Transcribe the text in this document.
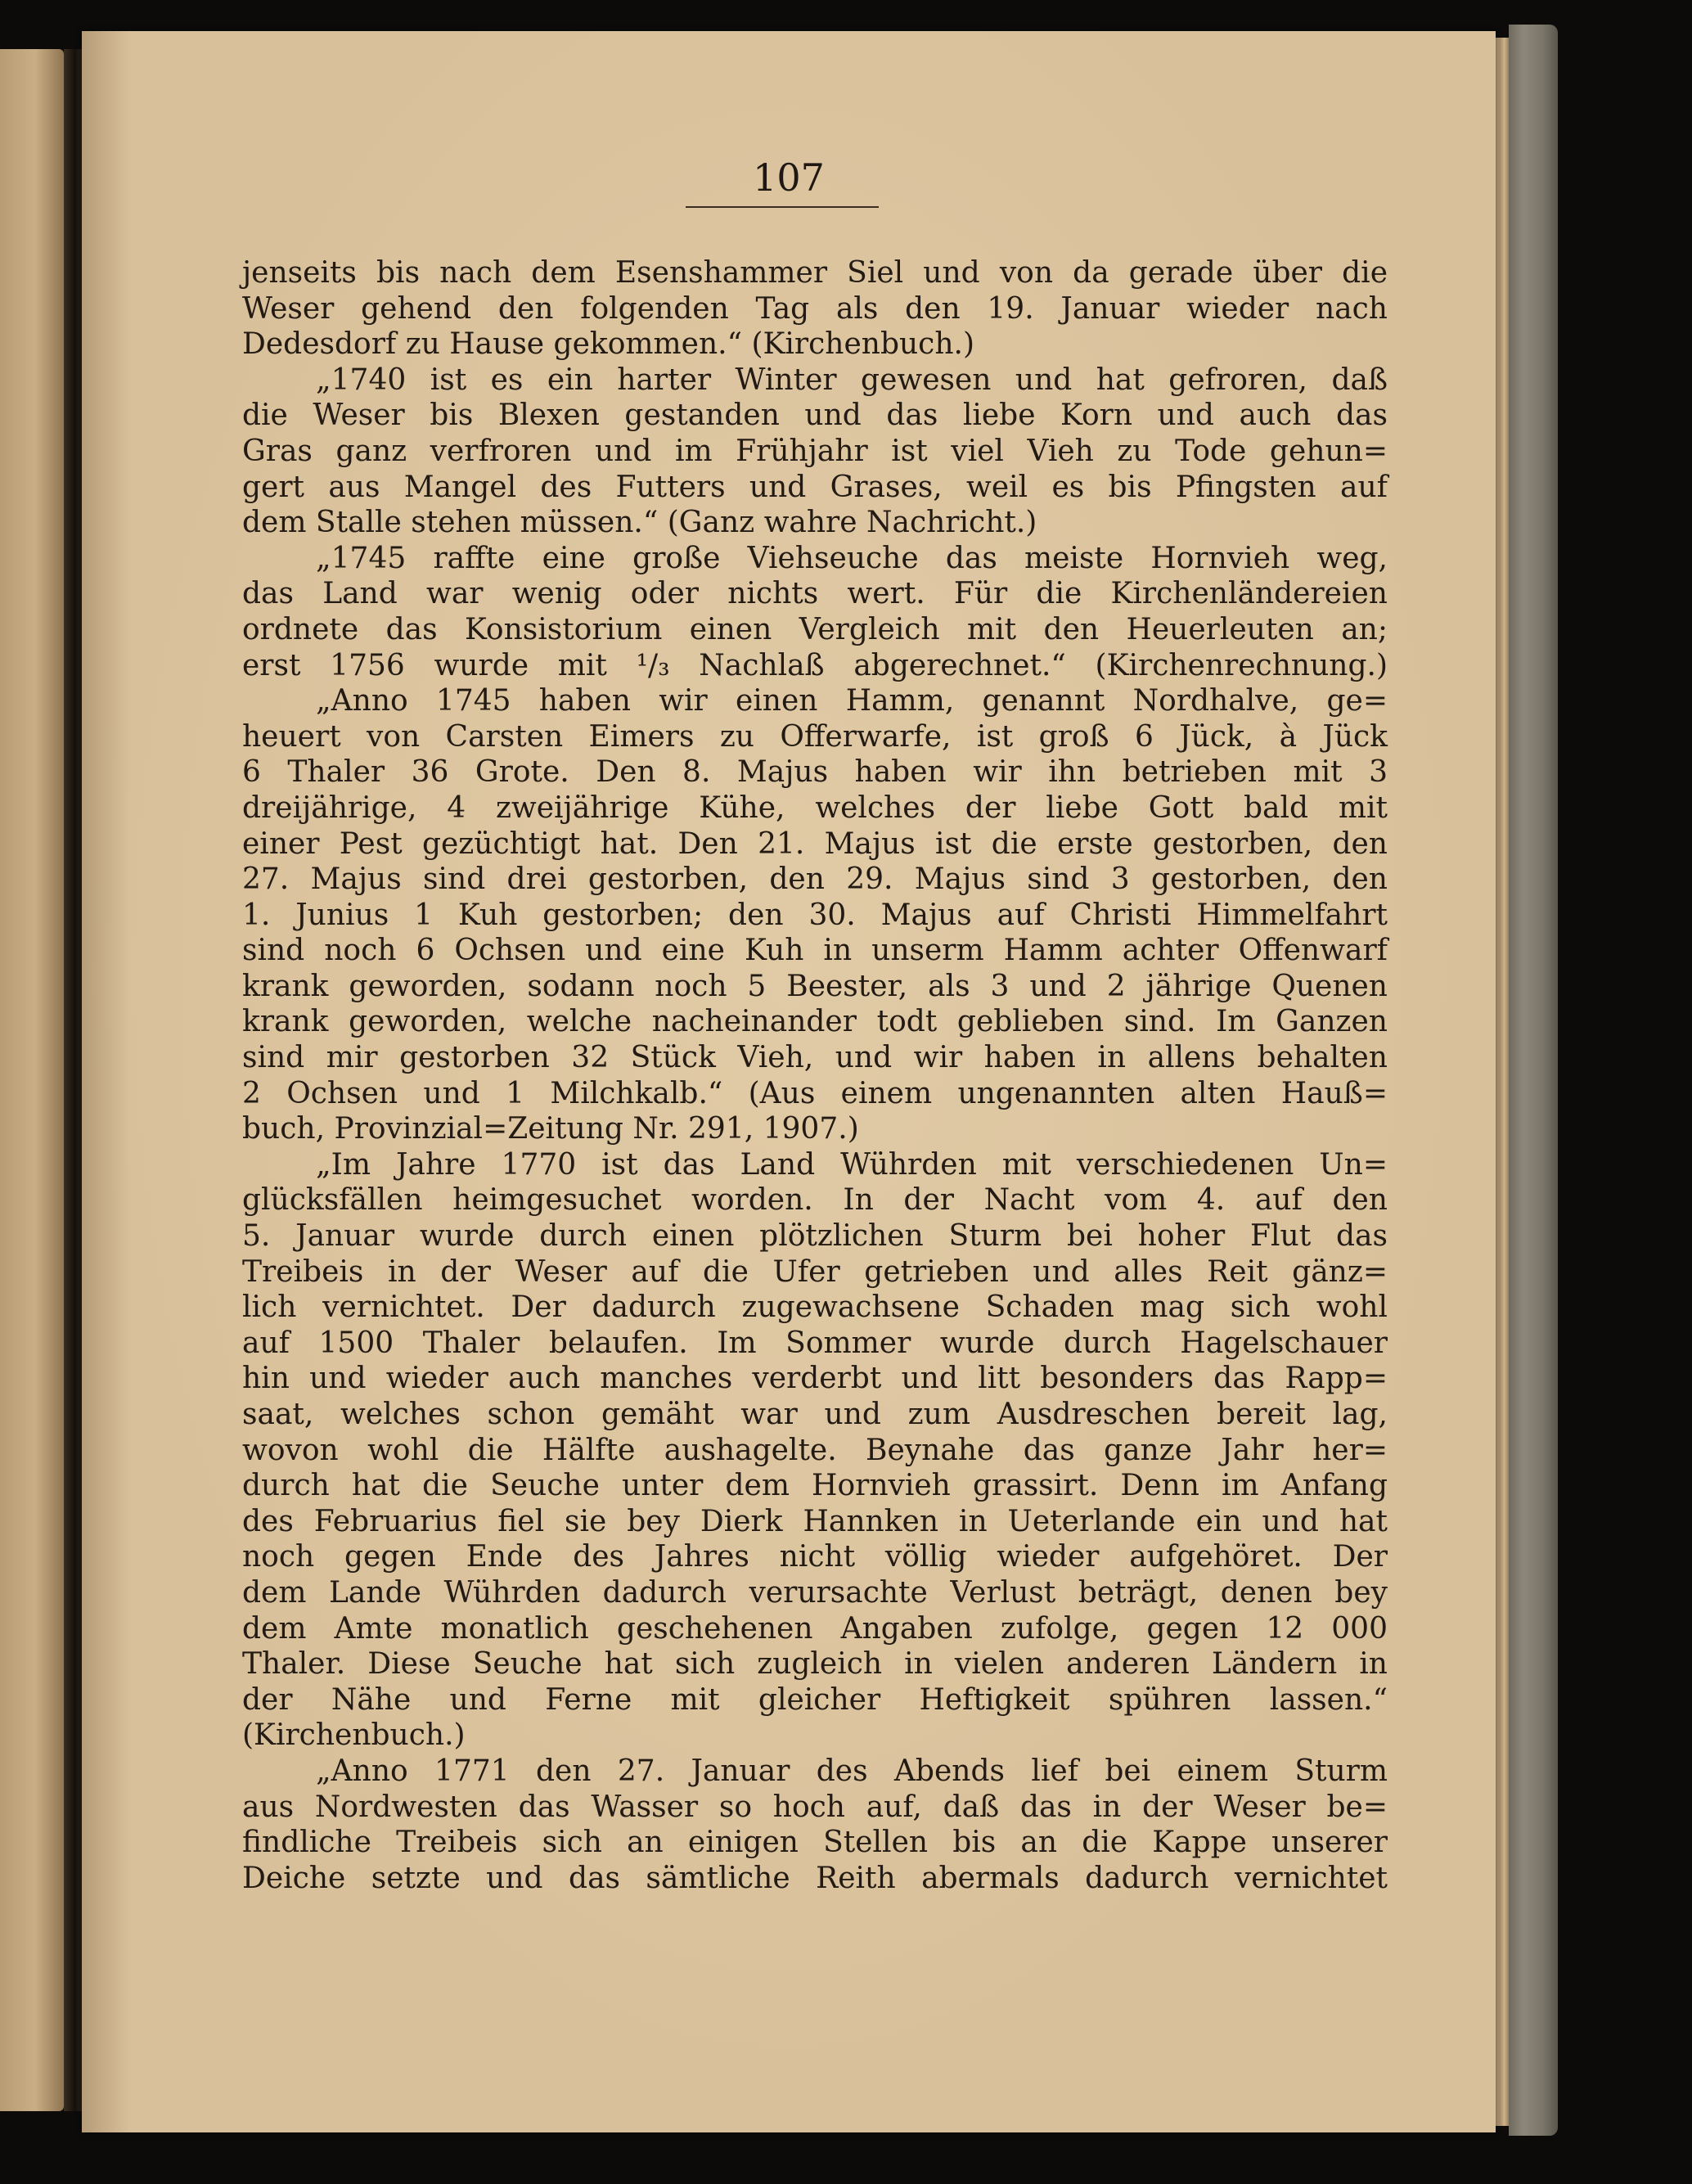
107
jenseits bis nach dem Esenshammer Siel und von da gerade über die
Weser gehend den folgenden Tag als den 19. Januar wieder nach
Dedesdorf zu Hause gekommen.“ (Kirchenbuch.)
„1740 ist es ein harter Winter gewesen und hat gefroren, daß
die Weser bis Blexen gestanden und das liebe Korn und auch das
Gras ganz verfroren und im Frühjahr ist viel Vieh zu Tode gehun=
gert aus Mangel des Futters und Grases, weil es bis Pfingsten auf
dem Stalle stehen müssen.“ (Ganz wahre Nachricht.)
„1745 raffte eine große Viehseuche das meiste Hornvieh weg,
das Land war wenig oder nichts wert. Für die Kirchenländereien
ordnete das Konsistorium einen Vergleich mit den Heuerleuten an;
erst 1756 wurde mit ¹/₃ Nachlaß abgerechnet.“ (Kirchenrechnung.)
„Anno 1745 haben wir einen Hamm, genannt Nordhalve, ge=
heuert von Carsten Eimers zu Offerwarfe, ist groß 6 Jück, à Jück
6 Thaler 36 Grote. Den 8. Majus haben wir ihn betrieben mit 3
dreijährige, 4 zweijährige Kühe, welches der liebe Gott bald mit
einer Pest gezüchtigt hat. Den 21. Majus ist die erste gestorben, den
27. Majus sind drei gestorben, den 29. Majus sind 3 gestorben, den
1. Junius 1 Kuh gestorben; den 30. Majus auf Christi Himmelfahrt
sind noch 6 Ochsen und eine Kuh in unserm Hamm achter Offenwarf
krank geworden, sodann noch 5 Beester, als 3 und 2 jährige Quenen
krank geworden, welche nacheinander todt geblieben sind. Im Ganzen
sind mir gestorben 32 Stück Vieh, und wir haben in allens behalten
2 Ochsen und 1 Milchkalb.“ (Aus einem ungenannten alten Hauß=
buch, Provinzial=Zeitung Nr. 291, 1907.)
„Im Jahre 1770 ist das Land Wührden mit verschiedenen Un=
glücksfällen heimgesuchet worden. In der Nacht vom 4. auf den
5. Januar wurde durch einen plötzlichen Sturm bei hoher Flut das
Treibeis in der Weser auf die Ufer getrieben und alles Reit gänz=
lich vernichtet. Der dadurch zugewachsene Schaden mag sich wohl
auf 1500 Thaler belaufen. Im Sommer wurde durch Hagelschauer
hin und wieder auch manches verderbt und litt besonders das Rapp=
saat, welches schon gemäht war und zum Ausdreschen bereit lag,
wovon wohl die Hälfte aushagelte. Beynahe das ganze Jahr her=
durch hat die Seuche unter dem Hornvieh grassirt. Denn im Anfang
des Februarius fiel sie bey Dierk Hannken in Ueterlande ein und hat
noch gegen Ende des Jahres nicht völlig wieder aufgehöret. Der
dem Lande Wührden dadurch verursachte Verlust beträgt, denen bey
dem Amte monatlich geschehenen Angaben zufolge, gegen 12 000
Thaler. Diese Seuche hat sich zugleich in vielen anderen Ländern in
der Nähe und Ferne mit gleicher Heftigkeit spühren lassen.“
(Kirchenbuch.)
„Anno 1771 den 27. Januar des Abends lief bei einem Sturm
aus Nordwesten das Wasser so hoch auf, daß das in der Weser be=
findliche Treibeis sich an einigen Stellen bis an die Kappe unserer
Deiche setzte und das sämtliche Reith abermals dadurch vernichtet
